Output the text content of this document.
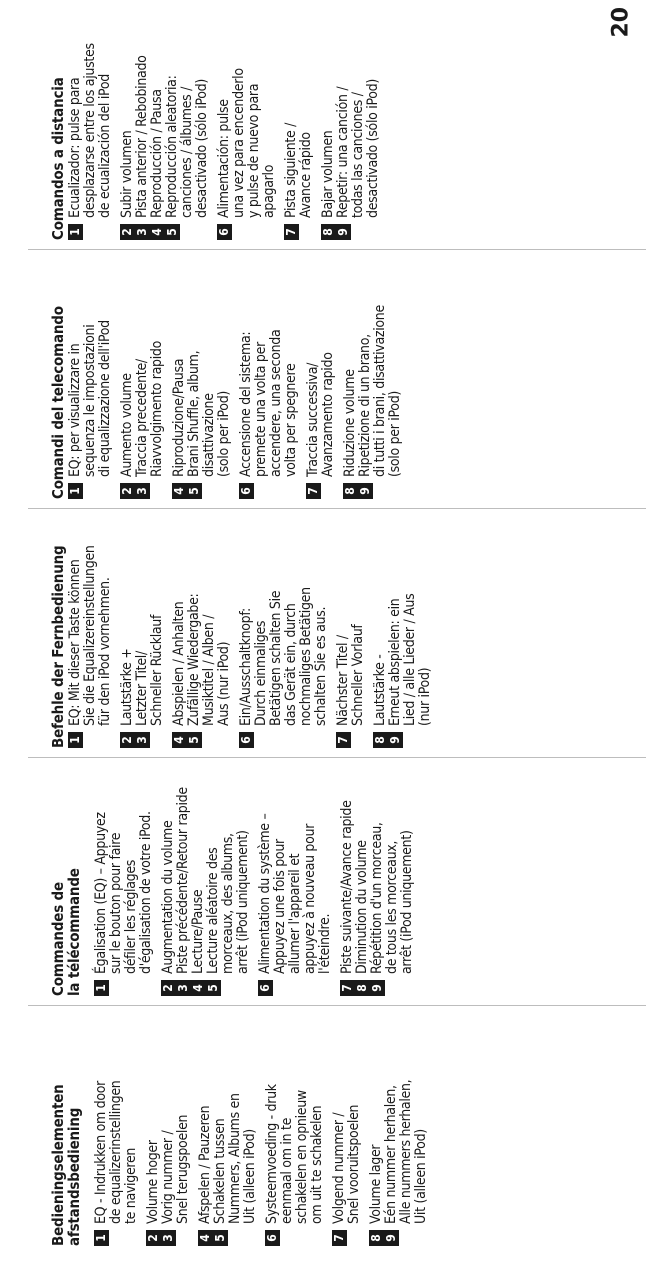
20
Bedieningselementen
afstandsbediening 1
EQ - Indrukken om door
de equalizerinstellingen
te navigeren
2
Volume hoger
3
Vorig nummer /
Snel terugspoelen
4
Afspelen / Pauzeren
5
Schakelen tussen
Nummers, Albums en
Uit (alleen iPod)
6
Systeemvoeding - druk
eenmaal om in te
schakelen en opnieuw
om uit te schakelen
7
Volgend nummer /
Snel vooruitspoelen
8
Volume lager
9
Eén nummer herhalen,
Alle nummers herhalen,
Uit (alleen iPod)
Commandes de
la télécommande
1
Égalisation (EQ) – Appuyez
sur le bouton pour faire
défiler les réglages
d'égalisation de votre iPod.
2
Augmentation du volume
3
Piste précédente/Retour rapide
4
Lecture/Pause
5
Lecture aléatoire des
morceaux, des albums,
arrêt (iPod uniquement)
6
Alimentation du système –
Appuyez une fois pour
allumer l'appareil et
appuyez à nouveau pour
l'éteindre.
7
Piste suivante/Avance rapide
8
Diminution du volume
9
Répétition d'un morceau,
de tous les morceaux,
arrêt (iPod uniquement)
Befehle der Fernbedienung 1
EQ: Mit dieser Taste können
Sie die Equalizereinstellungen
für den iPod vornehmen.
2
Lautstärke +
3
Letzter Titel/
Schneller Rücklauf
4
Abspielen / Anhalten
5
Zufällige Wiedergabe:
Musiktitel / Alben /
Aus (nur iPod)
6
Ein/Ausschaltknopf:
Durch einmaliges
Betätigen schalten Sie
das Gerät ein, durch
nochmaliges Betätigen
schalten Sie es aus.
7
Nächster Titel /
Schneller Vorlauf
8
Lautstärke -
9
Erneut abspielen: ein
Lied / alle Lieder / Aus
(nur iPod)
Comandi del telecomando 1
EQ: per visualizzare in
sequenza le impostazioni
di equalizzazione dell'iPod
2
Aumento volume
3
Traccia precedente/
Riavvolgimento rapido
4
Riproduzione/Pausa
5
Brani Shuffle, album,
disattivazione
(solo per iPod)
6
Accensione del sistema:
premete una volta per
accendere, una seconda
volta per spegnere
7
Traccia successiva/
Avanzamento rapido
8
Riduzione volume
9
Ripetizione di un brano,
di tutti i brani, disattivazione
(solo per iPod)
Comandos a distancia 1
Ecualizador: pulse para
desplazarse entre los ajustes
de ecualización del iPod
2
Subir volumen
3
Pista anterior / Rebobinado
4
Reproducción / Pausa
5
Reproducción aleatoria:
canciones / álbumes /
desactivado (sólo iPod)
6
Alimentación: pulse
una vez para encenderlo
y pulse de nuevo para
apagarlo
7
Pista siguiente /
Avance rápido
8
Bajar volumen
9
Repetir: una canción /
todas las canciones /
desactivado (sólo iPod)
